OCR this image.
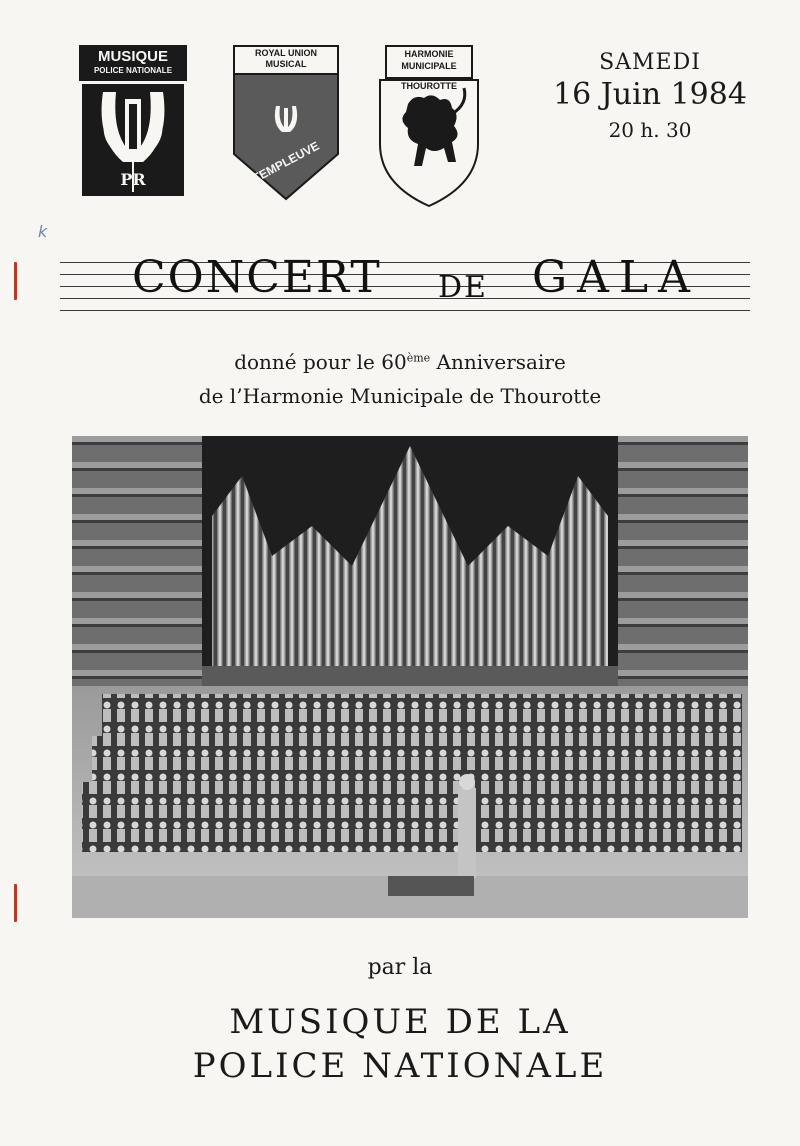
MUSIQUE
POLICE NATIONALE
PR
ROYAL UNION
MUSICAL
TEMPLEUVE
HARMONIE
MUNICIPALE
THOUROTTE
SAMEDI
16 Juin 1984
20 h. 30
k
CONCERT DE GALA
donné pour le 60ème Anniversaire
de l’Harmonie Municipale de Thourotte
par la
MUSIQUE DE LA
POLICE NATIONALE
